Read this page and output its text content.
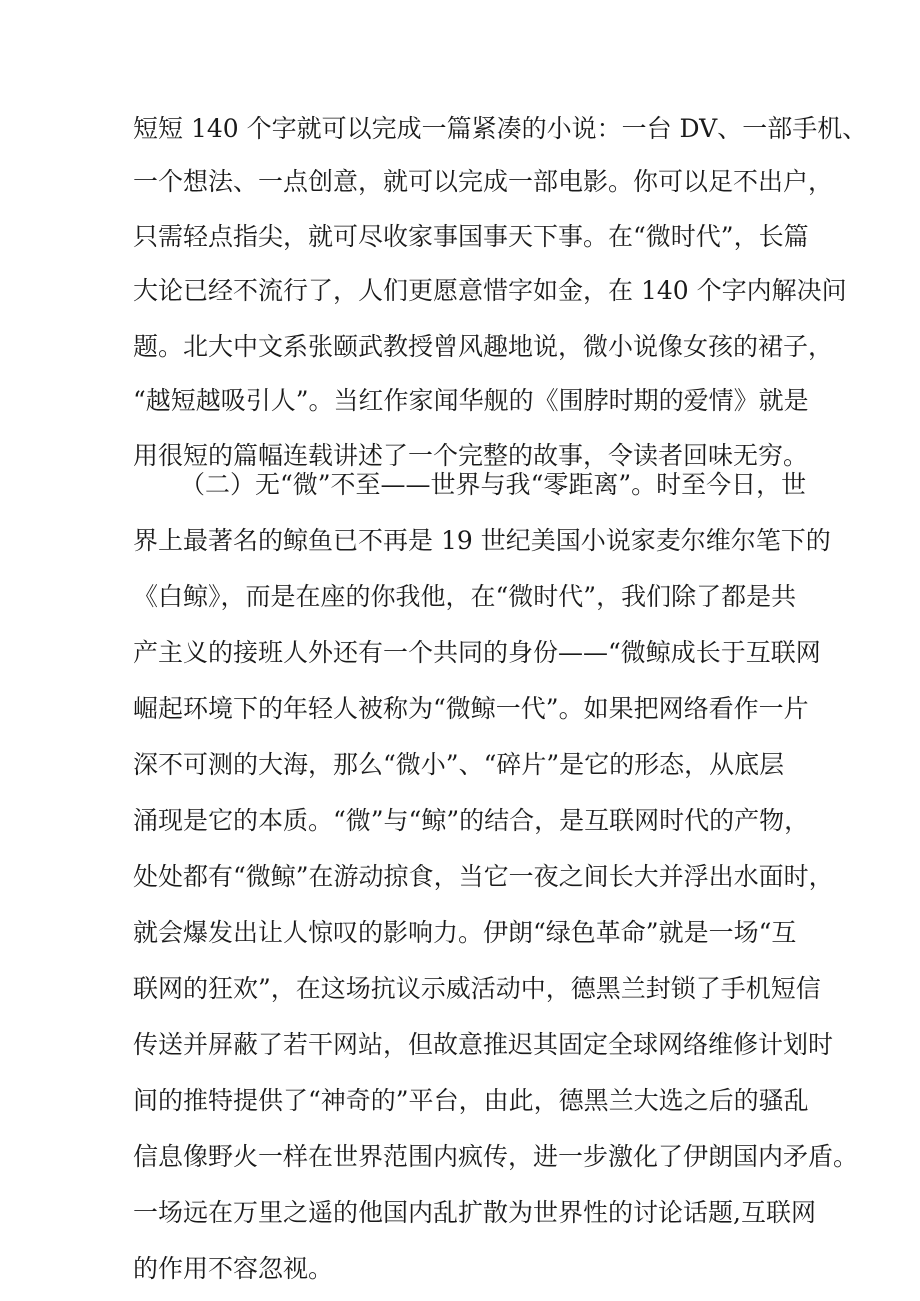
短短 140 个字就可以完成一篇紧凑的小说：一台 DV、一部手机、
一个想法、一点创意，就可以完成一部电影。你可以足不出户，
只需轻点指尖，就可尽收家事国事天下事。在“微时代”，长篇
大论已经不流行了，人们更愿意惜字如金，在 140 个字内解决问
题。北大中文系张颐武教授曾风趣地说，微小说像女孩的裙子，
“越短越吸引人”。当红作家闻华舰的《围脖时期的爱情》就是
用很短的篇幅连载讲述了一个完整的故事，令读者回味无穷。
（二）无“微”不至——世界与我“零距离”。时至今日，世
界上最著名的鲸鱼已不再是 19 世纪美国小说家麦尔维尔笔下的
《白鲸》，而是在座的你我他，在“微时代”，我们除了都是共
产主义的接班人外还有一个共同的身份——“微鲸成长于互联网
崛起环境下的年轻人被称为“微鲸一代”。如果把网络看作一片
深不可测的大海，那么“微小”、“碎片”是它的形态，从底层
涌现是它的本质。“微”与“鲸”的结合，是互联网时代的产物，
处处都有“微鲸”在游动掠食，当它一夜之间长大并浮出水面时，
就会爆发出让人惊叹的影响力。伊朗“绿色革命”就是一场“互
联网的狂欢”，在这场抗议示威活动中，德黑兰封锁了手机短信
传送并屏蔽了若干网站，但故意推迟其固定全球网络维修计划时
间的推特提供了“神奇的”平台，由此，德黑兰大选之后的骚乱
信息像野火一样在世界范围内疯传，进一步激化了伊朗国内矛盾。
一场远在万里之遥的他国内乱扩散为世界性的讨论话题,互联网
的作用不容忽视。
